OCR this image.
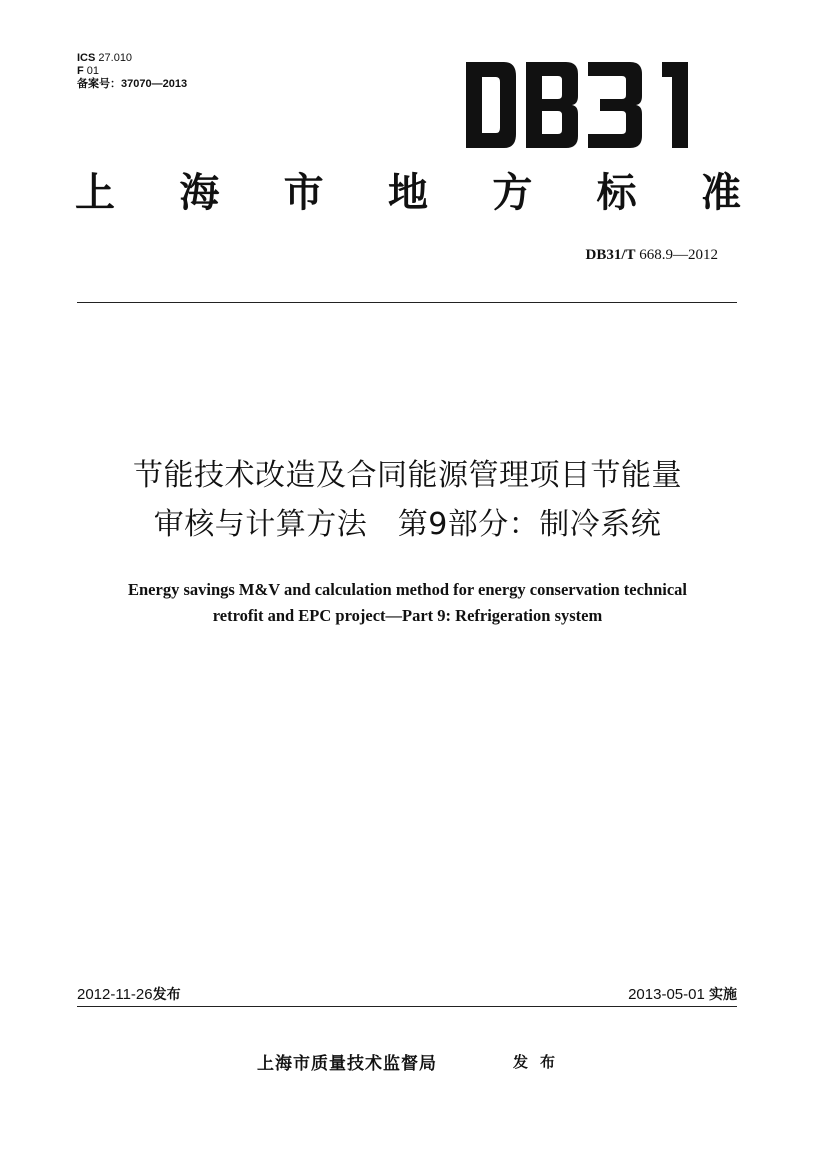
ICS 27.010
F 01
备案号：37070—2013
上 海 市 地 方 标 准
DB31/T 668.9—2012
节能技术改造及合同能源管理项目节能量
审核与计算方法　第9部分：制冷系统
Energy savings M&V and calculation method for energy conservation technical
retrofit and EPC project—Part 9: Refrigeration system
2012-11-26发布	2013-05-01 实施
上海市质量技术监督局	发布
